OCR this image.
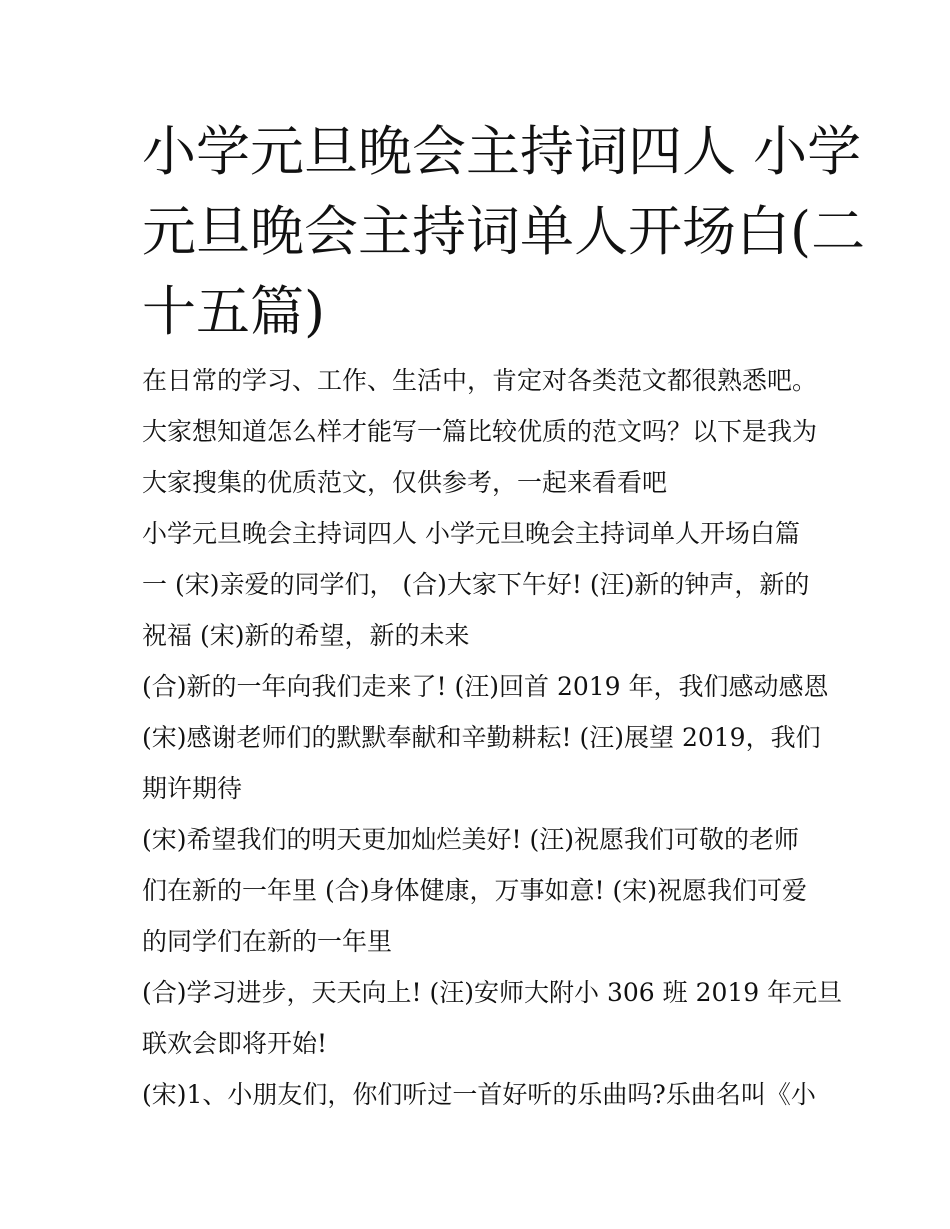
小学元旦晚会主持词四人 小学
元旦晚会主持词单人开场白(二
十五篇)
在日常的学习、工作、生活中，肯定对各类范文都很熟悉吧。
大家想知道怎么样才能写一篇比较优质的范文吗？以下是我为
大家搜集的优质范文，仅供参考，一起来看看吧
小学元旦晚会主持词四人 小学元旦晚会主持词单人开场白篇
一 (宋)亲爱的同学们， (合)大家下午好! (汪)新的钟声，新的
祝福 (宋)新的希望，新的未来
(合)新的一年向我们走来了! (汪)回首 2019 年，我们感动感恩
(宋)感谢老师们的默默奉献和辛勤耕耘! (汪)展望 2019，我们
期许期待
(宋)希望我们的明天更加灿烂美好! (汪)祝愿我们可敬的老师
们在新的一年里 (合)身体健康，万事如意! (宋)祝愿我们可爱
的同学们在新的一年里
(合)学习进步，天天向上! (汪)安师大附小 306 班 2019 年元旦
联欢会即将开始!
(宋)1、小朋友们，你们听过一首好听的乐曲吗?乐曲名叫《小
